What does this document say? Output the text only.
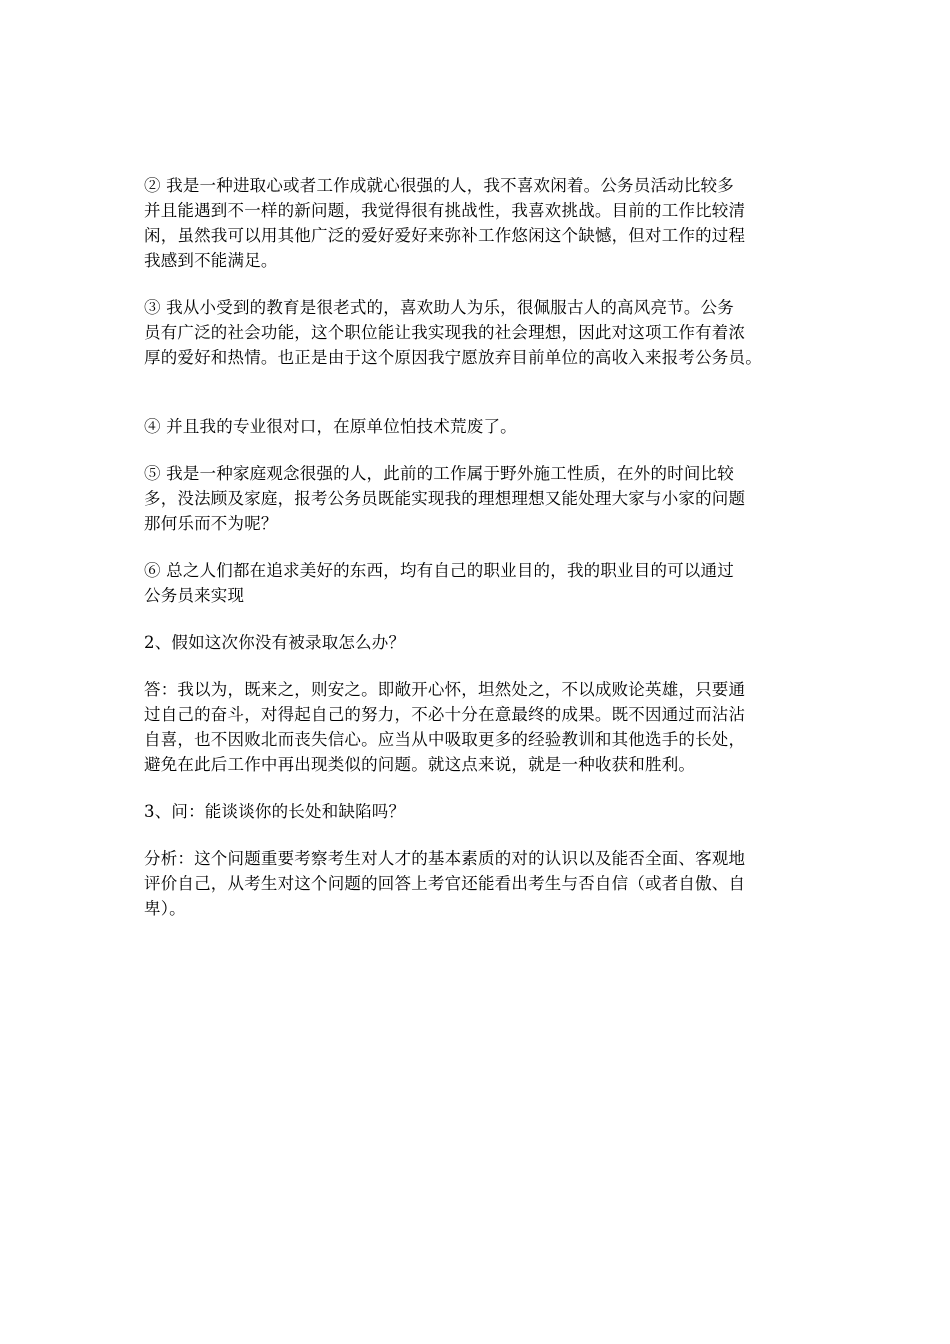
② 我是一种进取心或者工作成就心很强的人，我不喜欢闲着。公务员活动比较多
并且能遇到不一样的新问题，我觉得很有挑战性，我喜欢挑战。目前的工作比较清
闲，虽然我可以用其他广泛的爱好爱好来弥补工作悠闲这个缺憾，但对工作的过程
我感到不能满足。

③ 我从小受到的教育是很老式的，喜欢助人为乐，很佩服古人的高风亮节。公务
员有广泛的社会功能，这个职位能让我实现我的社会理想，因此对这项工作有着浓
厚的爱好和热情。也正是由于这个原因我宁愿放弃目前单位的高收入来报考公务员。

④ 并且我的专业很对口，在原单位怕技术荒废了。

⑤ 我是一种家庭观念很强的人，此前的工作属于野外施工性质，在外的时间比较
多，没法顾及家庭，报考公务员既能实现我的理想理想又能处理大家与小家的问题
那何乐而不为呢？

⑥ 总之人们都在追求美好的东西，均有自己的职业目的，我的职业目的可以通过
公务员来实现

2、假如这次你没有被录取怎么办？

答：我以为，既来之，则安之。即敞开心怀，坦然处之，不以成败论英雄，只要通
过自己的奋斗，对得起自己的努力，不必十分在意最终的成果。既不因通过而沾沾
自喜，也不因败北而丧失信心。应当从中吸取更多的经验教训和其他选手的长处，
避免在此后工作中再出现类似的问题。就这点来说，就是一种收获和胜利。

3、问：能谈谈你的长处和缺陷吗？

分析：这个问题重要考察考生对人才的基本素质的对的认识以及能否全面、客观地
评价自己，从考生对这个问题的回答上考官还能看出考生与否自信（或者自傲、自
卑）。
